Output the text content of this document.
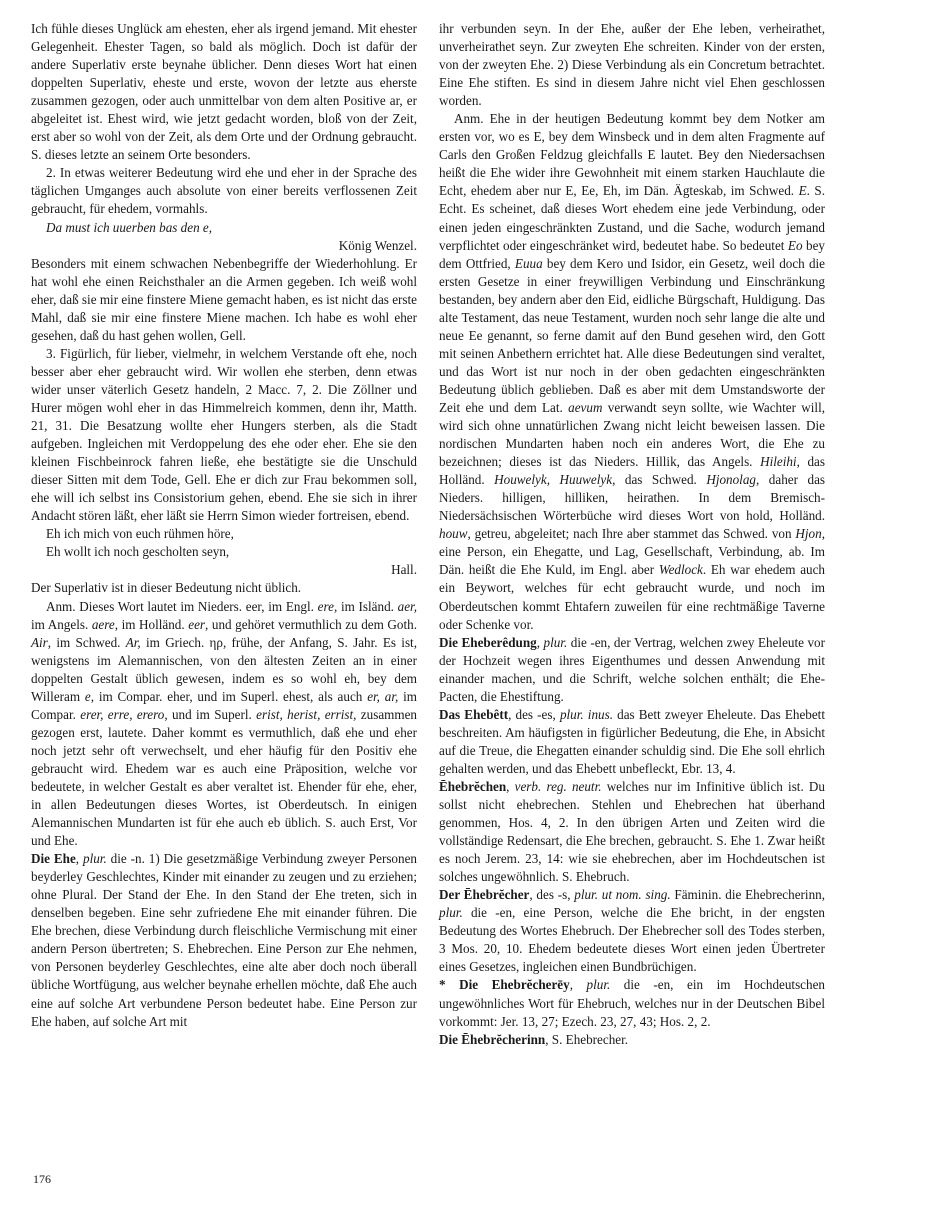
Ich fühle dieses Unglück am ehesten, eher als irgend jemand. Mit ehester Gelegenheit. Ehester Tagen, so bald als möglich. Doch ist dafür der andere Superlativ erste beynahe üblicher. Denn dieses Wort hat einen doppelten Superlativ, eheste und erste, wovon der letzte aus eherste zusammen gezogen, oder auch unmittelbar von dem alten Positive ar, er abgeleitet ist. Ehest wird, wie jetzt gedacht worden, bloß von der Zeit, erst aber so wohl von der Zeit, als dem Orte und der Ordnung gebraucht. S. dieses letzte an seinem Orte besonders.

2. In etwas weiterer Bedeutung wird ehe und eher in der Sprache des täglichen Umganges auch absolute von einer bereits verflossenen Zeit gebraucht, für ehedem, vormahls.

Da must ich uuerben bas den e,

König Wenzel.

Besonders mit einem schwachen Nebenbegriffe der Wiederhohlung. Er hat wohl ehe einen Reichsthaler an die Armen gegeben. Ich weiß wohl eher, daß sie mir eine finstere Miene gemacht haben, es ist nicht das erste Mahl, daß sie mir eine finstere Miene machen. Ich habe es wohl eher gesehen, daß du hast gehen wollen, Gell.

3. Figürlich, für lieber, vielmehr, in welchem Verstande oft ehe, noch besser aber eher gebraucht wird. Wir wollen ehe sterben, denn etwas wider unser väterlich Gesetz handeln, 2 Macc. 7, 2. Die Zöllner und Hurer mögen wohl eher in das Himmelreich kommen, denn ihr, Matth. 21, 31. Die Besatzung wollte eher Hungers sterben, als die Stadt aufgeben. Ingleichen mit Verdoppelung des ehe oder eher. Ehe sie den kleinen Fischbeinrock fahren ließe, ehe bestätigte sie die Unschuld dieser Sitten mit dem Tode, Gell. Ehe er dich zur Frau bekommen soll, ehe will ich selbst ins Consistorium gehen, ebend. Ehe sie sich in ihrer Andacht stören läßt, eher läßt sie Herrn Simon wieder fortreisen, ebend.

Eh ich mich von euch rühmen höre,

Eh wollt ich noch gescholten seyn,

Hall.

Der Superlativ ist in dieser Bedeutung nicht üblich.

Anm. Dieses Wort lautet im Nieders. eer, im Engl. ere, im Isländ. aer, im Angels. aere, im Holländ. eer, und gehöret vermuthlich zu dem Goth. Air, im Schwed. Ar, im Griech. ηρ, frühe, der Anfang, S. Jahr. Es ist, wenigstens im Alemannischen, von den ältesten Zeiten an in einer doppelten Gestalt üblich gewesen, indem es so wohl eh, bey dem Willeram e, im Compar. eher, und im Superl. ehest, als auch er, ar, im Compar. erer, erre, erero, und im Superl. erist, herist, errist, zusammen gezogen erst, lautete. Daher kommt es vermuthlich, daß ehe und eher noch jetzt sehr oft verwechselt, und eher häufig für den Positiv ehe gebraucht wird. Ehedem war es auch eine Präposition, welche vor bedeutete, in welcher Gestalt es aber veraltet ist. Ehender für ehe, eher, in allen Bedeutungen dieses Wortes, ist Oberdeutsch. In einigen Alemannischen Mundarten ist für ehe auch eb üblich. S. auch Erst, Vor und Ehe.

Die Ehe, plur. die -n. 1) Die gesetzmäßige Verbindung zweyer Personen beyderley Geschlechtes, Kinder mit einander zu zeugen und zu erziehen; ohne Plural. Der Stand der Ehe. In den Stand der Ehe treten, sich in denselben begeben. Eine sehr zufriedene Ehe mit einander führen. Die Ehe brechen, diese Verbindung durch fleischliche Vermischung mit einer andern Person übertreten; S. Ehebrechen. Eine Person zur Ehe nehmen, von Personen beyderley Geschlechtes, eine alte aber doch noch überall übliche Wortfügung, aus welcher beynahe erhellen möchte, daß Ehe auch eine auf solche Art verbundene Person bedeutet habe. Eine Person zur Ehe haben, auf solche Art mit

ihr verbunden seyn. In der Ehe, außer der Ehe leben, verheirathet, unverheirathet seyn. Zur zweyten Ehe schreiten. Kinder von der ersten, von der zweyten Ehe. 2) Diese Verbindung als ein Concretum betrachtet. Eine Ehe stiften. Es sind in diesem Jahre nicht viel Ehen geschlossen worden.

Anm. Ehe in der heutigen Bedeutung kommt bey dem Notker am ersten vor, wo es E, bey dem Winsbeck und in dem alten Fragmente auf Carls den Großen Feldzug gleichfalls E lautet. Bey den Niedersachsen heißt die Ehe wider ihre Gewohnheit mit einem starken Hauchlaute die Echt, ehedem aber nur E, Ee, Eh, im Dän. Ägteskab, im Schwed. E. S. Echt. Es scheinet, daß dieses Wort ehedem eine jede Verbindung, oder einen jeden eingeschränkten Zustand, und die Sache, wodurch jemand verpflichtet oder eingeschränket wird, bedeutet habe. So bedeutet Eo bey dem Ottfried, Euua bey dem Kero und Isidor, ein Gesetz, weil doch die ersten Gesetze in einer freywilligen Verbindung und Einschränkung bestanden, bey andern aber den Eid, eidliche Bürgschaft, Huldigung. Das alte Testament, das neue Testament, wurden noch sehr lange die alte und neue Ee genannt, so ferne damit auf den Bund gesehen wird, den Gott mit seinen Anbethern errichtet hat. Alle diese Bedeutungen sind veraltet, und das Wort ist nur noch in der oben gedachten eingeschränkten Bedeutung üblich geblieben. Daß es aber mit dem Umstandsworte der Zeit ehe und dem Lat. aevum verwandt seyn sollte, wie Wachter will, wird sich ohne unnatürlichen Zwang nicht leicht beweisen lassen. Die nordischen Mundarten haben noch ein anderes Wort, die Ehe zu bezeichnen; dieses ist das Nieders. Hillik, das Angels. Hileihi, das Holländ. Houwelyk, Huuwelyk, das Schwed. Hjonolag, daher das Nieders. hilligen, hilliken, heirathen. In dem Bremisch- Niedersächsischen Wörterbüche wird dieses Wort von hold, Holländ. houw, getreu, abgeleitet; nach Ihre aber stammet das Schwed. von Hjon, eine Person, ein Ehegatte, und Lag, Gesellschaft, Verbindung, ab. Im Dän. heißt die Ehe Kuld, im Engl. aber Wedlock. Eh war ehedem auch ein Beywort, welches für echt gebraucht wurde, und noch im Oberdeutschen kommt Ehtafern zuweilen für eine rechtmäßige Taverne oder Schenke vor.

Die Eheberêdung, plur. die -en, der Vertrag, welchen zwey Eheleute vor der Hochzeit wegen ihres Eigenthumes und dessen Anwendung mit einander machen, und die Schrift, welche solchen enthält; die Ehe-Pacten, die Ehestiftung.

Das Ehebêtt, des -es, plur. inus. das Bett zweyer Eheleute. Das Ehebett beschreiten. Am häufigsten in figürlicher Bedeutung, die Ehe, in Absicht auf die Treue, die Ehegatten einander schuldig sind. Die Ehe soll ehrlich gehalten werden, und das Ehebett unbefleckt, Ebr. 13, 4.

Ēhebrĕchen, verb. reg. neutr. welches nur im Infinitive üblich ist. Du sollst nicht ehebrechen. Stehlen und Ehebrechen hat überhand genommen, Hos. 4, 2. In den übrigen Arten und Zeiten wird die vollständige Redensart, die Ehe brechen, gebraucht. S. Ehe 1. Zwar heißt es noch Jerem. 23, 14: wie sie ehebrechen, aber im Hochdeutschen ist solches ungewöhnlich. S. Ehebruch.

Der Ēhebrĕcher, des -s, plur. ut nom. sing. Fäminin. die Ehebrecherinn, plur. die -en, eine Person, welche die Ehe bricht, in der engsten Bedeutung des Wortes Ehebruch. Der Ehebrecher soll des Todes sterben, 3 Mos. 20, 10. Ehedem bedeutete dieses Wort einen jeden Übertreter eines Gesetzes, ingleichen einen Bundbrüchigen.

* Die Ehebrĕcherēy, plur. die -en, ein im Hochdeutschen ungewöhnliches Wort für Ehebruch, welches nur in der Deutschen Bibel vorkommt: Jer. 13, 27; Ezech. 23, 27, 43; Hos. 2, 2.

Die Ēhebrĕcherinn, S. Ehebrecher.

176
